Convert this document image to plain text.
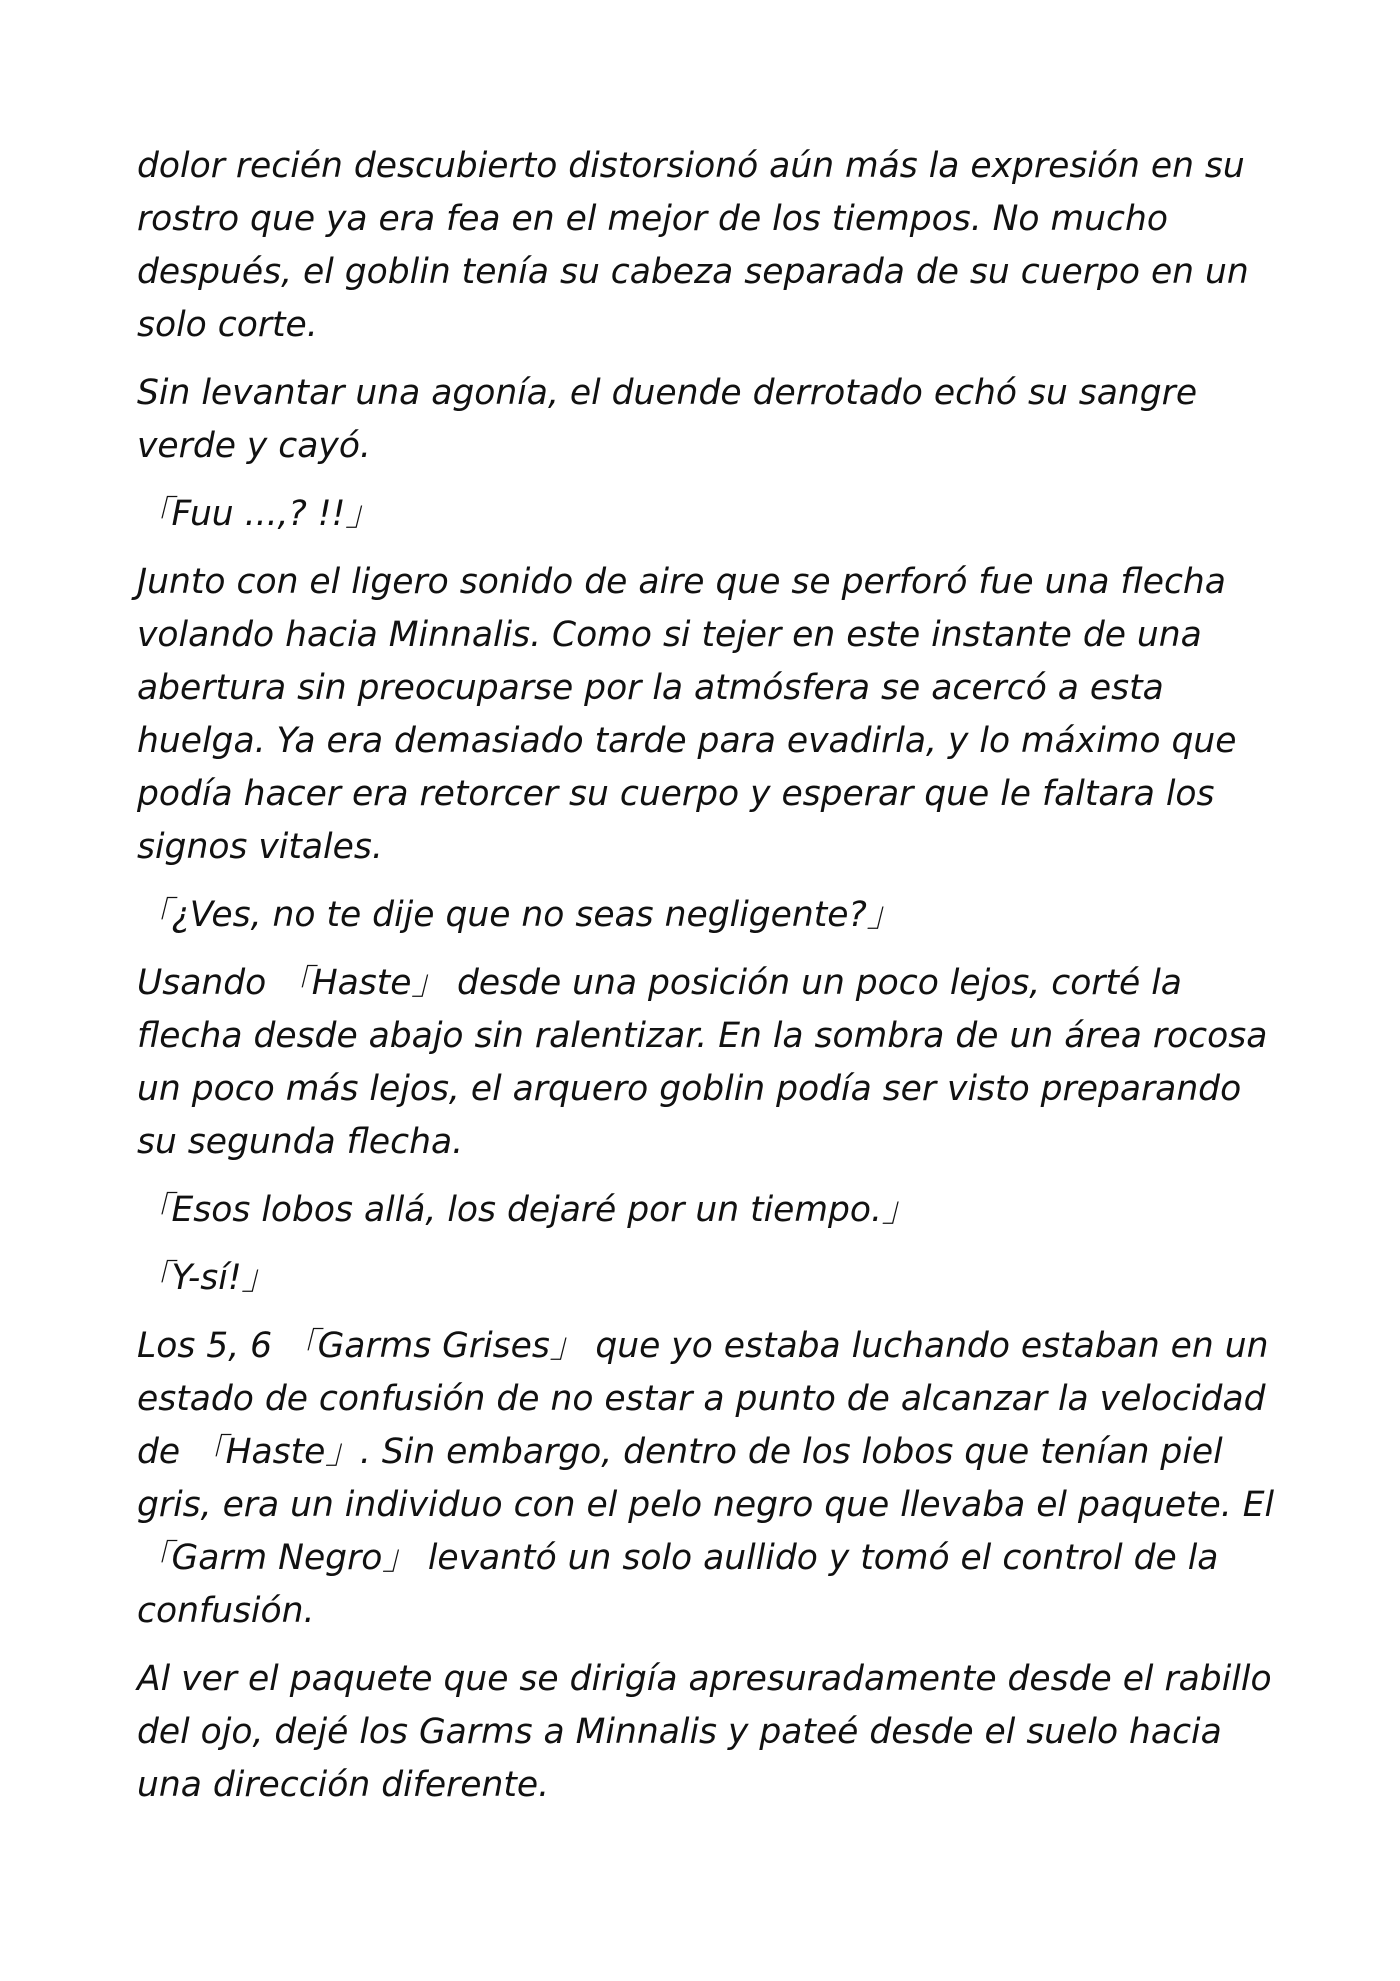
dolor recién descubierto distorsionó aún más la expresión en su rostro que ya era fea en el mejor de los tiempos. No mucho después, el goblin tenía su cabeza separada de su cuerpo en un solo corte.

Sin levantar una agonía, el duende derrotado echó su sangre verde y cayó.

「Fuu ...,? !!」

Junto con el ligero sonido de aire que se perforó fue una flecha volando hacia Minnalis. Como si tejer en este instante de una abertura sin preocuparse por la atmósfera se acercó a esta huelga. Ya era demasiado tarde para evadirla, y lo máximo que podía hacer era retorcer su cuerpo y esperar que le faltara los signos vitales.

「¿Ves, no te dije que no seas negligente?」

Usando 「Haste」 desde una posición un poco lejos, corté la flecha desde abajo sin ralentizar. En la sombra de un área rocosa un poco más lejos, el arquero goblin podía ser visto preparando su segunda flecha.

「Esos lobos allá, los dejaré por un tiempo.」

「Y-sí!」

Los 5, 6 「Garms Grises」 que yo estaba luchando estaban en un estado de confusión de no estar a punto de alcanzar la velocidad de 「Haste」. Sin embargo, dentro de los lobos que tenían piel gris, era un individuo con el pelo negro que llevaba el paquete. El 「Garm Negro」 levantó un solo aullido y tomó el control de la confusión.

Al ver el paquete que se dirigía apresuradamente desde el rabillo del ojo, dejé los Garms a Minnalis y pateé desde el suelo hacia una dirección diferente.
